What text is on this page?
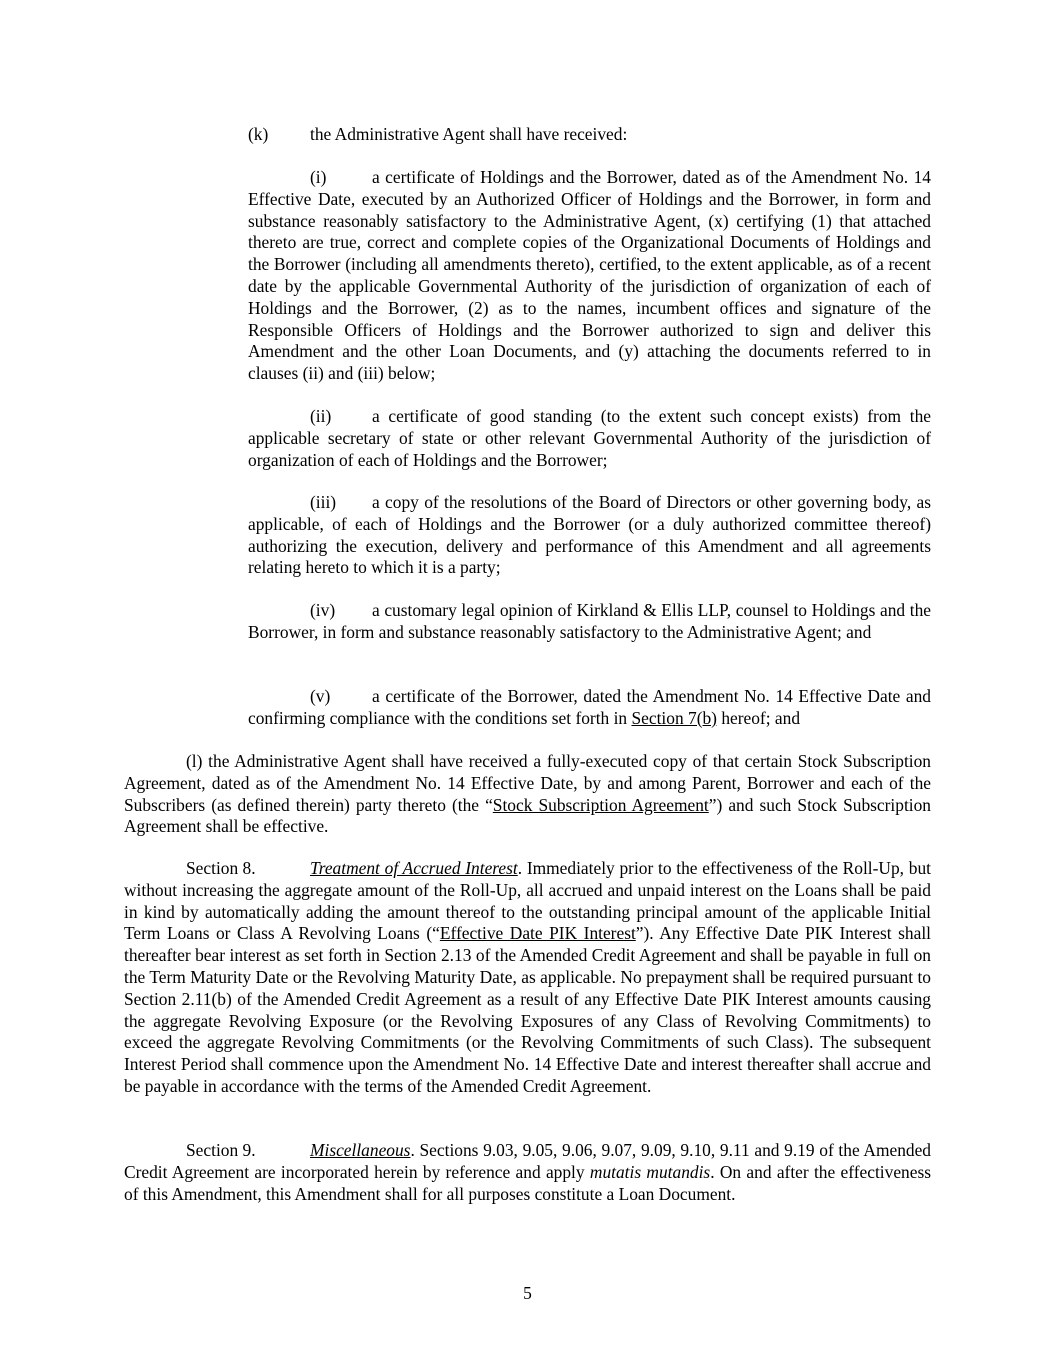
(k) the Administrative Agent shall have received:

(i)	a certificate of Holdings and the Borrower, dated as of the Amendment No. 14 Effective Date, executed by an Authorized Officer of Holdings and the Borrower, in form and substance reasonably satisfactory to the Administrative Agent, (x) certifying (1) that attached thereto are true, correct and complete copies of the Organizational Documents of Holdings and the Borrower (including all amendments thereto), certified, to the extent applicable, as of a recent date by the applicable Governmental Authority of the jurisdiction of organization of each of Holdings and the Borrower, (2) as to the names, incumbent offices and signature of the Responsible Officers of Holdings and the Borrower authorized to sign and deliver this Amendment and the other Loan Documents, and (y) attaching the documents referred to in clauses (ii) and (iii) below;

(ii) a certificate of good standing (to the extent such concept exists) from the applicable secretary of state or other relevant Governmental Authority of the jurisdiction of organization of each of Holdings and the Borrower;

(iii) a copy of the resolutions of the Board of Directors or other governing body, as applicable, of each of Holdings and the Borrower (or a duly authorized committee thereof) authorizing the execution, delivery and performance of this Amendment and all agreements relating hereto to which it is a party;

(iv) a customary legal opinion of Kirkland & Ellis LLP, counsel to Holdings and the Borrower, in form and substance reasonably satisfactory to the Administrative Agent; and

(v) a certificate of the Borrower, dated the Amendment No. 14 Effective Date and confirming compliance with the conditions set forth in Section 7(b) hereof; and

(l) the Administrative Agent shall have received a fully-executed copy of that certain Stock Subscription Agreement, dated as of the Amendment No. 14 Effective Date, by and among Parent, Borrower and each of the Subscribers (as defined therein) party thereto (the “Stock Subscription Agreement”) and such Stock Subscription Agreement shall be effective.

Section 8.	Treatment of Accrued Interest. Immediately prior to the effectiveness of the Roll-Up, but without increasing the aggregate amount of the Roll-Up, all accrued and unpaid interest on the Loans shall be paid in kind by automatically adding the amount thereof to the outstanding principal amount of the applicable Initial Term Loans or Class A Revolving Loans (“Effective Date PIK Interest”). Any Effective Date PIK Interest shall thereafter bear interest as set forth in Section 2.13 of the Amended Credit Agreement and shall be payable in full on the Term Maturity Date or the Revolving Maturity Date, as applicable. No prepayment shall be required pursuant to Section 2.11(b) of the Amended Credit Agreement as a result of any Effective Date PIK Interest amounts causing the aggregate Revolving Exposure (or the Revolving Exposures of any Class of Revolving Commitments) to exceed the aggregate Revolving Commitments (or the Revolving Commitments of such Class). The subsequent Interest Period shall commence upon the Amendment No. 14 Effective Date and interest thereafter shall accrue and be payable in accordance with the terms of the Amended Credit Agreement.

Section 9.	Miscellaneous. Sections 9.03, 9.05, 9.06, 9.07, 9.09, 9.10, 9.11 and 9.19 of the Amended Credit Agreement are incorporated herein by reference and apply mutatis mutandis. On and after the effectiveness of this Amendment, this Amendment shall for all purposes constitute a Loan Document.

5
